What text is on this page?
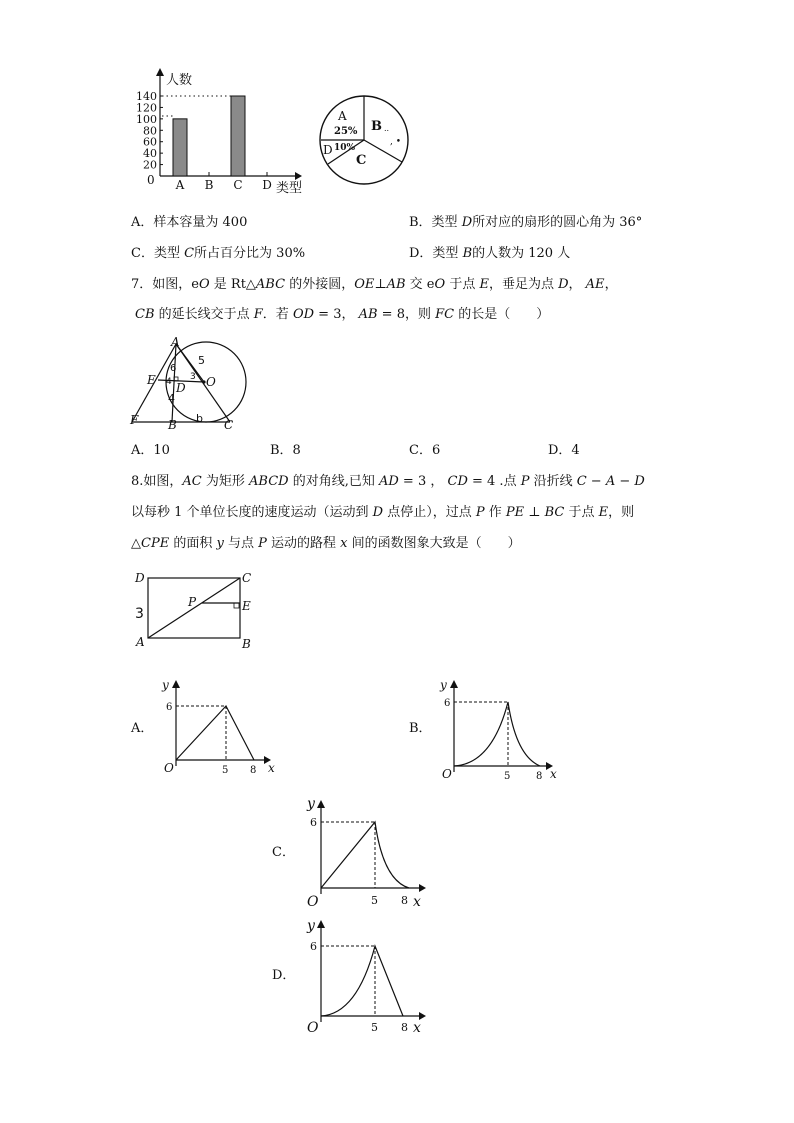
人数
类型
0
20
40
60
80
100
120
140
A B C D
A
25% B ..
, •
C
D 10%
A．样本容量为 400	B．类型 D所对应的扇形的圆心角为 36°
C．类型 C所占百分比为 30%	D．类型 B的人数为 120 人
7．如图，eO 是 Rt△ABC 的外接圆，OE⊥AB 交 eO 于点 E，垂足为点 D， AE，
CB 的延长线交于点 F．若 OD = 3， AB = 8，则 FC 的长是（　　）
A
E
D O
F B	C
5
3
4
6
4
b
A．10	B．8	C．6	D．4
8.如图，AC 为矩形 ABCD 的对角线,已知 AD = 3 ， CD = 4 .点 P 沿折线 C − A − D
以每秒 1 个单位长度的速度运动（运动到 D 点停止），过点 P 作 PE ⊥ BC 于点 E，则
△CPE 的面积 y 与点 P 运动的路程 x 间的函数图象大致是（　　）
D	C
P	E
A	B
3
A．
y
x
O
6
5 8
B．
y
x
O
6
5	8
C．
y
x
O
6
5 8
D．
y
x
O
6
5 8
